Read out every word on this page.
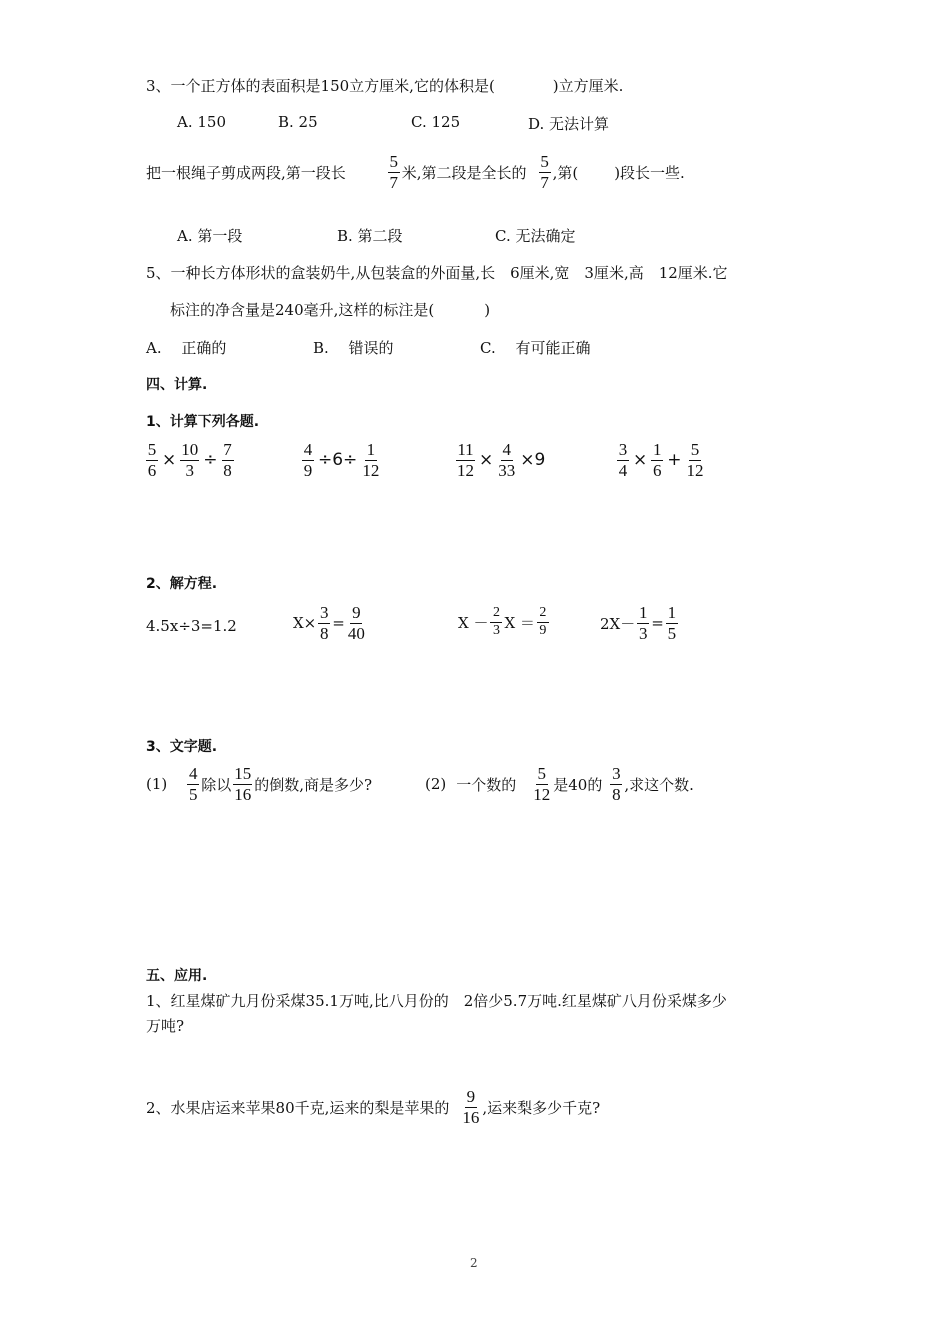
3、一个正方体的表面积是150立方厘米,它的体积是(	)立方厘米.
A. 150	B. 25	C. 125	D. 无法计算
把一根绳子剪成两段,第一段长 $\frac{5}{7}$ 米,第二段是全长的 $\frac{5}{7}$ ,第( )段长一些.
A. 第一段	B. 第二段	C. 无法确定
5、一种长方体形状的盒装奶牛,从包装盒的外面量,长　6厘米,宽　3厘米,高　12厘米.它
标注的净含量是240毫升,这样的标注是(	)
A.　 正确的	B.　 错误的	C.　 有可能正确
四、计算.
1、计算下列各题.
$\frac{5}{6} \times \frac{10}{3} \div \frac{7}{8}$	$\frac{4}{9} \div 6\div \frac{1}{12}$	$\frac{11}{12} \times \frac{4}{33} \times 9$	$\frac{3}{4} \times \frac{1}{6} + \frac{5}{12}$
2、解方程.
4.5x÷3=1.2	$X\times \frac{3}{8} = \frac{9}{40}$	$X - \frac{2}{3}$ $X = \frac{2}{9}$	$2X- \frac{1}{3} = \frac{1}{5}$
3、文字题.
$(1) \frac{4}{5}$ 除以 $\frac{15}{16}$ 的倒数,商是多少?	(2) 一个数的 $\frac{5}{12}$ 是40的 $\frac{3}{8}$ ,求这个数.
五、应用.
1、红星煤矿九月份采煤35.1万吨,比八月份的　2倍少5.7万吨.红星煤矿八月份采煤多少
万吨?
2、水果店运来苹果80千克,运来的梨是苹果的 $\frac{9}{16}$ ,运来梨多少千克?
2
